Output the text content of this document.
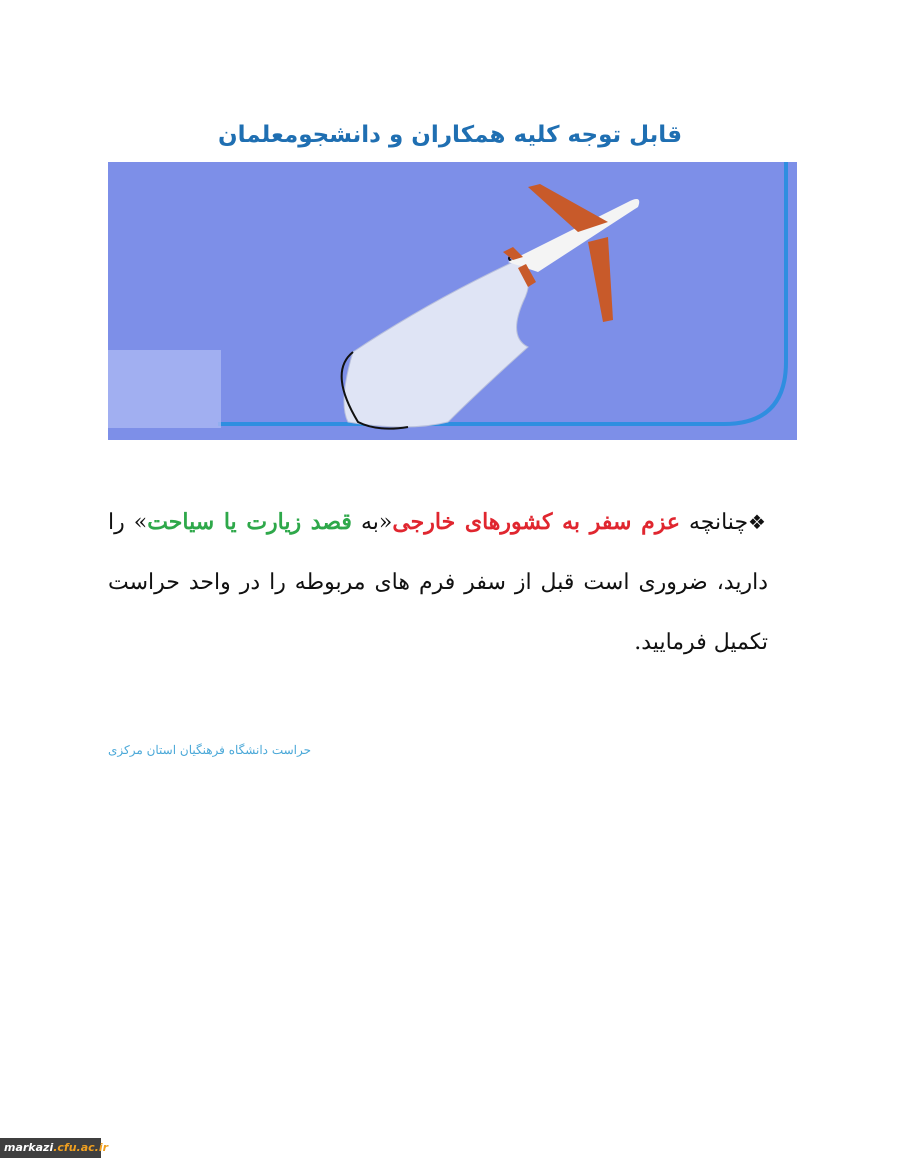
قابل توجه کلیه همکاران و دانشجومعلمان

❖چنانچه عزم سفر به کشورهای خارجی«به قصد زیارت یا سیاحت» را دارید، ضروری است قبل از سفر فرم های مربوطه را در واحد حراست تکمیل فرمایید.

حراست دانشگاه فرهنگیان استان مرکزی
markazi.cfu.ac.ir
